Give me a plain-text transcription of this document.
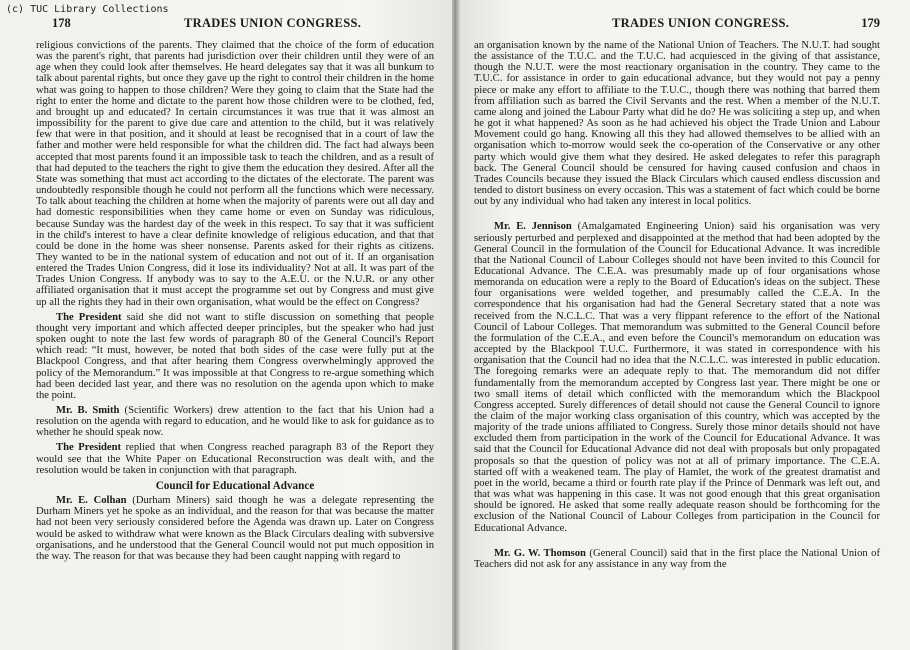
178	TRADES UNION CONGRESS.

religious convictions of the parents. They claimed that the choice of the form of education was the parent's right, that parents had jurisdiction over their children until they were of an age when they could look after themselves. He heard delegates say that it was all bunkum to talk about parental rights, but once they gave up the right to control their children in the home what was going to happen to those children? Were they going to claim that the State had the right to enter the home and dictate to the parent how those children were to be clothed, fed, and brought up and educated? In certain circumstances it was true that it was almost an impossibility for the parent to give due care and attention to the child, but it was relatively few that were in that position, and it should at least be recognised that in a court of law the father and mother were held responsible for what the children did. The fact had always been accepted that most parents found it an impossible task to teach the children, and as a result of that had deputed to the teachers the right to give them the education they desired. After all the State was something that must act according to the dictates of the electorate. The parent was undoubtedly responsible though he could not perform all the functions which were necessary. To talk about teaching the children at home when the majority of parents were out all day and had domestic responsibilities when they came home or even on Sunday was ridiculous, because Sunday was the hardest day of the week in this respect. To say that it was sufficient in the child's interest to have a clear definite knowledge of religious education, and that that could be done in the home was sheer nonsense. Parents asked for their rights as citizens. They wanted to be in the national system of education and not out of it. If an organisation entered the Trades Union Congress, did it lose its individuality? Not at all. It was part of the Trades Union Congress. If anybody was to say to the A.E.U. or the N.U.R. or any other affiliated organisation that it must accept the programme set out by Congress and must give up all the rights they had in their own organisation, what would be the effect on Congress?

The President said she did not want to stifle discussion on something that people thought very important and which affected deeper principles, but the speaker who had just spoken ought to note the last few words of paragraph 80 of the General Council's Report which read: “It must, however, be noted that both sides of the case were fully put at the Blackpool Congress, and that after hearing them Congress overwhelmingly approved the policy of the Memorandum.” It was impossible at that Congress to re-argue something which had been decided last year, and there was no resolution on the agenda upon which to make the point.

Mr. B. Smith (Scientific Workers) drew attention to the fact that his Union had a resolution on the agenda with regard to education, and he would like to ask for guidance as to whether he should speak now.

The President replied that when Congress reached paragraph 83 of the Report they would see that the White Paper on Educational Reconstruction was dealt with, and the resolution would be taken in conjunction with that paragraph.

Council for Educational Advance

Mr. E. Colhan (Durham Miners) said though he was a delegate representing the Durham Miners yet he spoke as an individual, and the reason for that was because the matter had not been very seriously considered before the Agenda was drawn up. Later on Congress would be asked to withdraw what were known as the Black Circulars dealing with subversive organisations, and he understood that the General Council would not put much opposition in the way. The reason for that was because they had been caught napping with regard to

TRADES UNION CONGRESS.	179

an organisation known by the name of the National Union of Teachers. The N.U.T. had sought the assistance of the T.U.C. and the T.U.C. had acquiesced in the giving of that assistance, though the N.U.T. were the most reactionary organisation in the country. They came to the T.U.C. for assistance in order to gain educational advance, but they would not pay a penny piece or make any effort to affiliate to the T.U.C., though there was nothing that barred them from affiliation such as barred the Civil Servants and the rest. When a member of the N.U.T. came along and joined the Labour Party what did he do? He was soliciting a step up, and when he got it what happened? As soon as he had achieved his object the Trade Union and Labour Movement could go hang. Knowing all this they had allowed themselves to be allied with an organisation which to-morrow would seek the co-operation of the Conservative or any other party which would give them what they desired. He asked delegates to refer this paragraph back. The General Council should be censured for having caused confusion and chaos in Trades Councils because they issued the Black Circulars which caused endless discussion and tended to distort business on every occasion. This was a statement of fact which could be borne out by any individual who had taken any interest in local politics.

Mr. E. Jennison (Amalgamated Engineering Union) said his organisation was very seriously perturbed and perplexed and disappointed at the method that had been adopted by the General Council in the formulation of the Council for Educational Advance. It was incredible that the National Council of Labour Colleges should not have been invited to this Council for Educational Advance. The C.E.A. was presumably made up of four organisations whose memoranda on education were a reply to the Board of Education's ideas on the subject. These four organisations were welded together, and presumably called the C.E.A. In the correspondence that his organisation had had the General Secretary stated that a note was received from the N.C.L.C. That was a very flippant reference to the effort of the National Council of Labour Colleges. That memorandum was submitted to the General Council before the formulation of the C.E.A., and even before the Council's memorandum on education was accepted by the Blackpool T.U.C. Furthermore, it was stated in correspondence with his organisation that the Council had no idea that the N.C.L.C. was interested in public education. The foregoing remarks were an adequate reply to that. The memorandum did not differ fundamentally from the memorandum accepted by Congress last year. There might be one or two small items of detail which conflicted with the memorandum which the Blackpool Congress accepted. Surely differences of detail should not cause the General Council to ignore the claim of the major working class organisation of this country, which was accepted by the majority of the trade unions affiliated to Congress. Surely those minor details should not have excluded them from participation in the work of the Council for Educational Advance. It was said that the Council for Educational Advance did not deal with proposals but only propagated proposals so that the question of policy was not at all of primary importance. The C.E.A. started off with a weakened team. The play of Hamlet, the work of the greatest dramatist and poet in the world, became a third or fourth rate play if the Prince of Denmark was left out, and that was what was happening in this case. It was not good enough that this great organisation should be ignored. He asked that some really adequate reason should be forthcoming for the exclusion of the National Council of Labour Colleges from participation in the Council for Educational Advance.

Mr. G. W. Thomson (General Council) said that in the first place the National Union of Teachers did not ask for any assistance in any way from the

(c) TUC Library Collections
